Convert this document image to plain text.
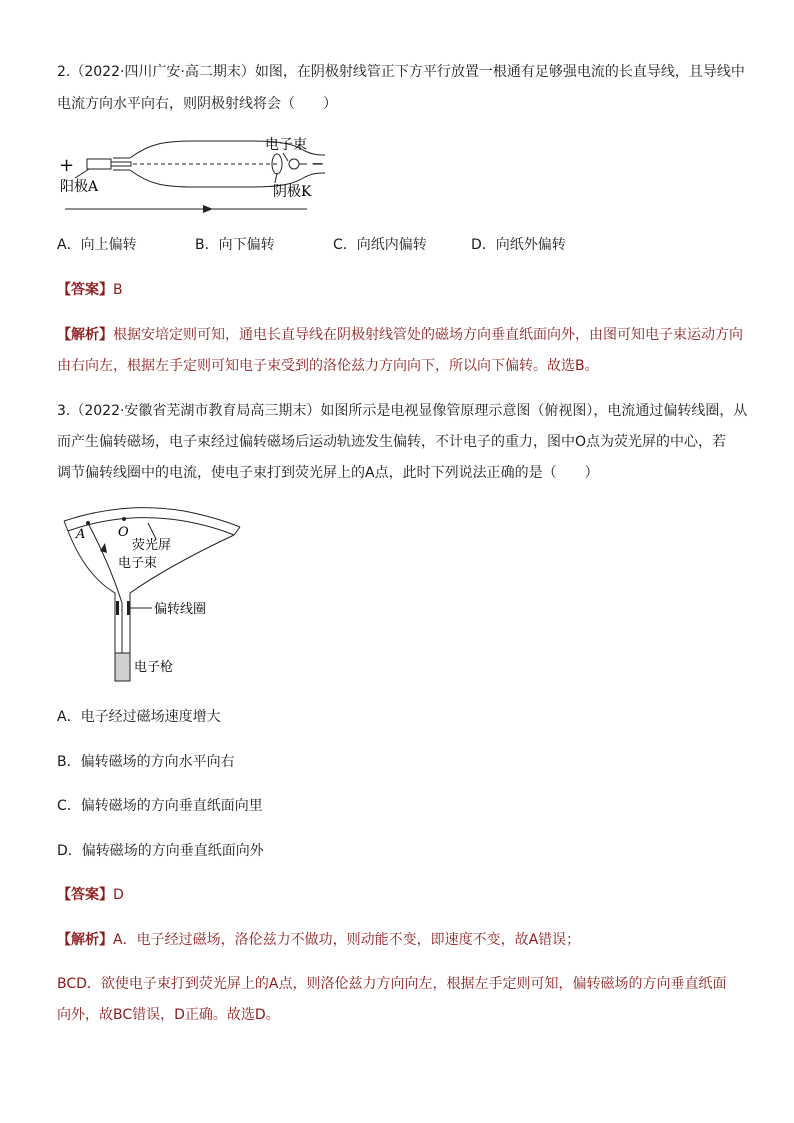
2.（2022·四川广安·高二期末）如图，在阴极射线管正下方平行放置一根通有足够强电流的长直导线，且导线中
电流方向水平向右，则阴极射线将会（　　）
+	−
电子束
阳极A	阴极K
A．向上偏转	B．向下偏转	C．向纸内偏转	D．向纸外偏转
【答案】B
【解析】根据安培定则可知，通电长直导线在阴极射线管处的磁场方向垂直纸面向外，由图可知电子束运动方向
由右向左，根据左手定则可知电子束受到的洛伦兹力方向向下，所以向下偏转。故选B。
3.（2022·安徽省芜湖市教育局高三期末）如图所示是电视显像管原理示意图（俯视图），电流通过偏转线圈，从
而产生偏转磁场，电子束经过偏转磁场后运动轨迹发生偏转，不计电子的重力，图中O点为荧光屏的中心，若
调节偏转线圈中的电流，使电子束打到荧光屏上的A点，此时下列说法正确的是（　　）
A	O
荧光屏
电子束
偏转线圈
电子枪
A．电子经过磁场速度增大
B．偏转磁场的方向水平向右
C．偏转磁场的方向垂直纸面向里
D．偏转磁场的方向垂直纸面向外
【答案】D
【解析】A．电子经过磁场，洛伦兹力不做功，则动能不变，即速度不变，故A错误；
BCD．欲使电子束打到荧光屏上的A点，则洛伦兹力方向向左，根据左手定则可知，偏转磁场的方向垂直纸面
向外，故BC错误，D正确。故选D。
